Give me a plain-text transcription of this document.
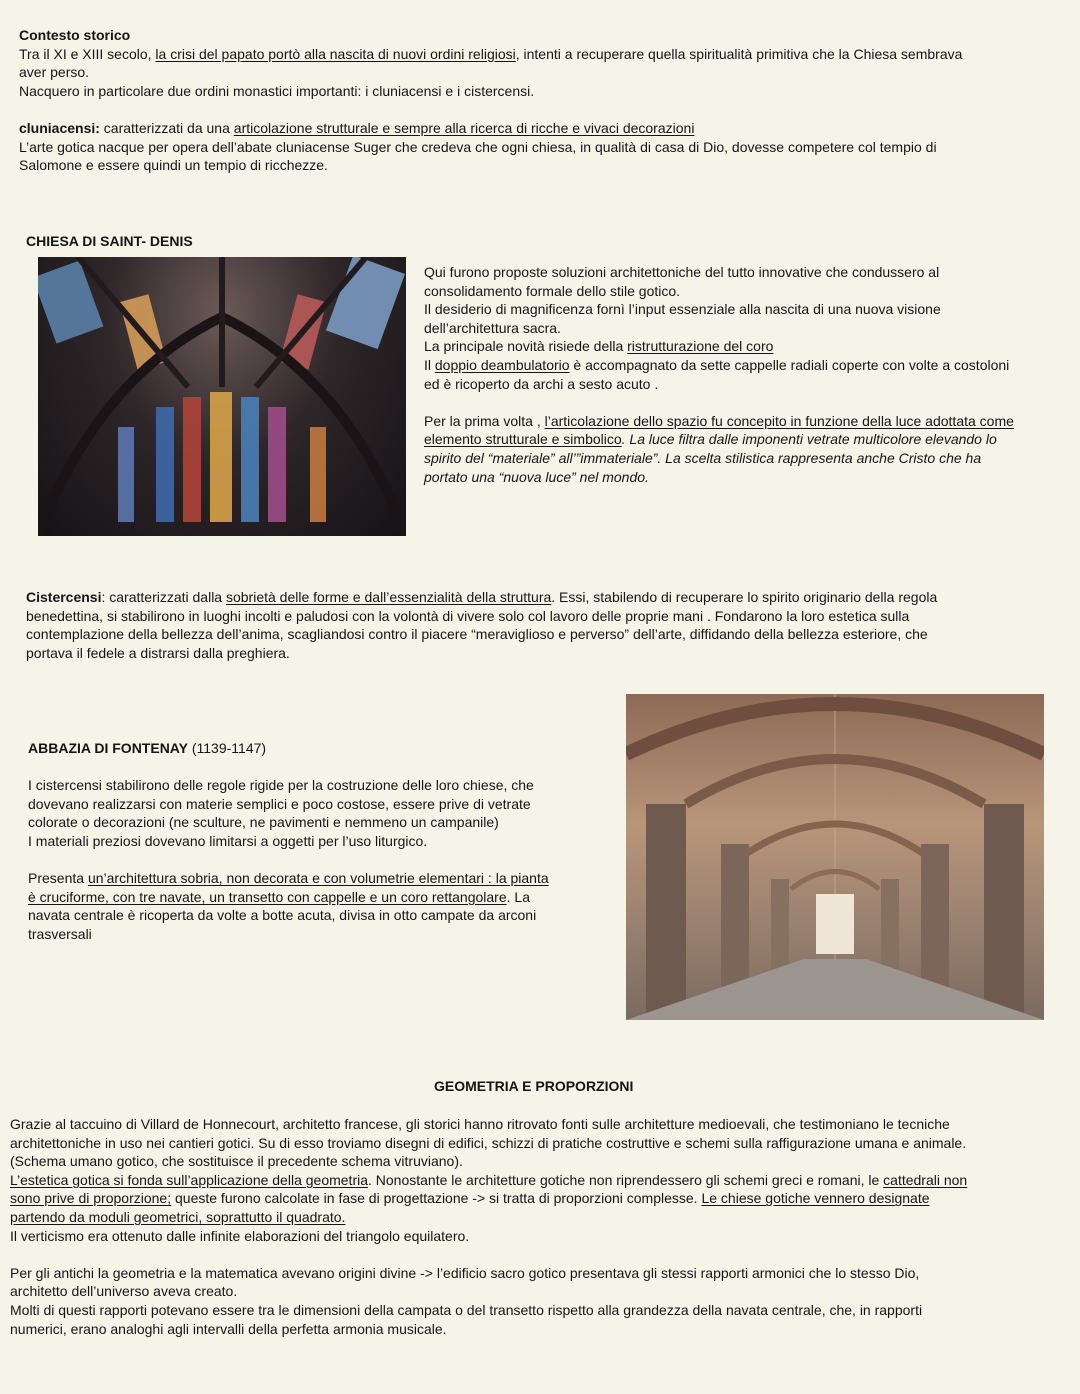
Contesto storico
Tra il XI e XIII secolo, la crisi del papato portò alla nascita di nuovi ordini religiosi, intenti a recuperare quella spiritualità primitiva che la Chiesa sembrava
aver perso.
Nacquero in particolare due ordini monastici importanti: i cluniacensi e i cistercensi.
cluniacensi: caratterizzati da una articolazione strutturale e sempre alla ricerca di ricche e vivaci decorazioni
L’arte gotica nacque per opera dell’abate cluniacense Suger che credeva che ogni chiesa, in qualità di casa di Dio, dovesse competere col tempio di
Salomone e essere quindi un tempio di ricchezze.
CHIESA DI SAINT- DENIS
Qui furono proposte soluzioni architettoniche del tutto innovative che condussero al
consolidamento formale dello stile gotico.
Il desiderio di magnificenza fornì l’input essenziale alla nascita di una nuova visione
dell’architettura sacra.
La principale novità risiede della ristrutturazione del coro
Il doppio deambulatorio è accompagnato da sette cappelle radiali coperte con volte a costoloni
ed è ricoperto da archi a sesto acuto .
Per la prima volta , l’articolazione dello spazio fu concepito in funzione della luce adottata come
elemento strutturale e simbolico. La luce filtra dalle imponenti vetrate multicolore elevando lo
spirito del “materiale” all’”immateriale”. La scelta stilistica rappresenta anche Cristo che ha
portato una “nuova luce” nel mondo.
Cistercensi: caratterizzati dalla sobrietà delle forme e dall’essenzialità della struttura. Essi, stabilendo di recuperare lo spirito originario della regola
benedettina, si stabilirono in luoghi incolti e paludosi con la volontà di vivere solo col lavoro delle proprie mani . Fondarono la loro estetica sulla
contemplazione della bellezza dell’anima, scagliandosi contro il piacere “meraviglioso e perverso” dell’arte, diffidando della bellezza esteriore, che
portava il fedele a distrarsi dalla preghiera.
ABBAZIA DI FONTENAY (1139-1147)
I cistercensi stabilirono delle regole rigide per la costruzione delle loro chiese, che
dovevano realizzarsi con materie semplici e poco costose, essere prive di vetrate
colorate o decorazioni (ne sculture, ne pavimenti e nemmeno un campanile)
I materiali preziosi dovevano limitarsi a oggetti per l’uso liturgico.
Presenta un’architettura sobria, non decorata e con volumetrie elementari : la pianta
è cruciforme, con tre navate, un transetto con cappelle e un coro rettangolare. La
navata centrale è ricoperta da volte a botte acuta, divisa in otto campate da arconi
trasversali
GEOMETRIA E PROPORZIONI
Grazie al taccuino di Villard de Honnecourt, architetto francese, gli storici hanno ritrovato fonti sulle architetture medioevali, che testimoniano le tecniche
architettoniche in uso nei cantieri gotici. Su di esso troviamo disegni di edifici, schizzi di pratiche costruttive e schemi sulla raffigurazione umana e animale.
(Schema umano gotico, che sostituisce il precedente schema vitruviano).
L’estetica gotica si fonda sull’applicazione della geometria. Nonostante le architetture gotiche non riprendessero gli schemi greci e romani, le cattedrali non
sono prive di proporzione; queste furono calcolate in fase di progettazione -> si tratta di proporzioni complesse. Le chiese gotiche vennero designate
partendo da moduli geometrici, soprattutto il quadrato.
Il verticismo era ottenuto dalle infinite elaborazioni del triangolo equilatero.
Per gli antichi la geometria e la matematica avevano origini divine -> l’edificio sacro gotico presentava gli stessi rapporti armonici che lo stesso Dio,
architetto dell’universo aveva creato.
Molti di questi rapporti potevano essere tra le dimensioni della campata o del transetto rispetto alla grandezza della navata centrale, che, in rapporti
numerici, erano analoghi agli intervalli della perfetta armonia musicale.
